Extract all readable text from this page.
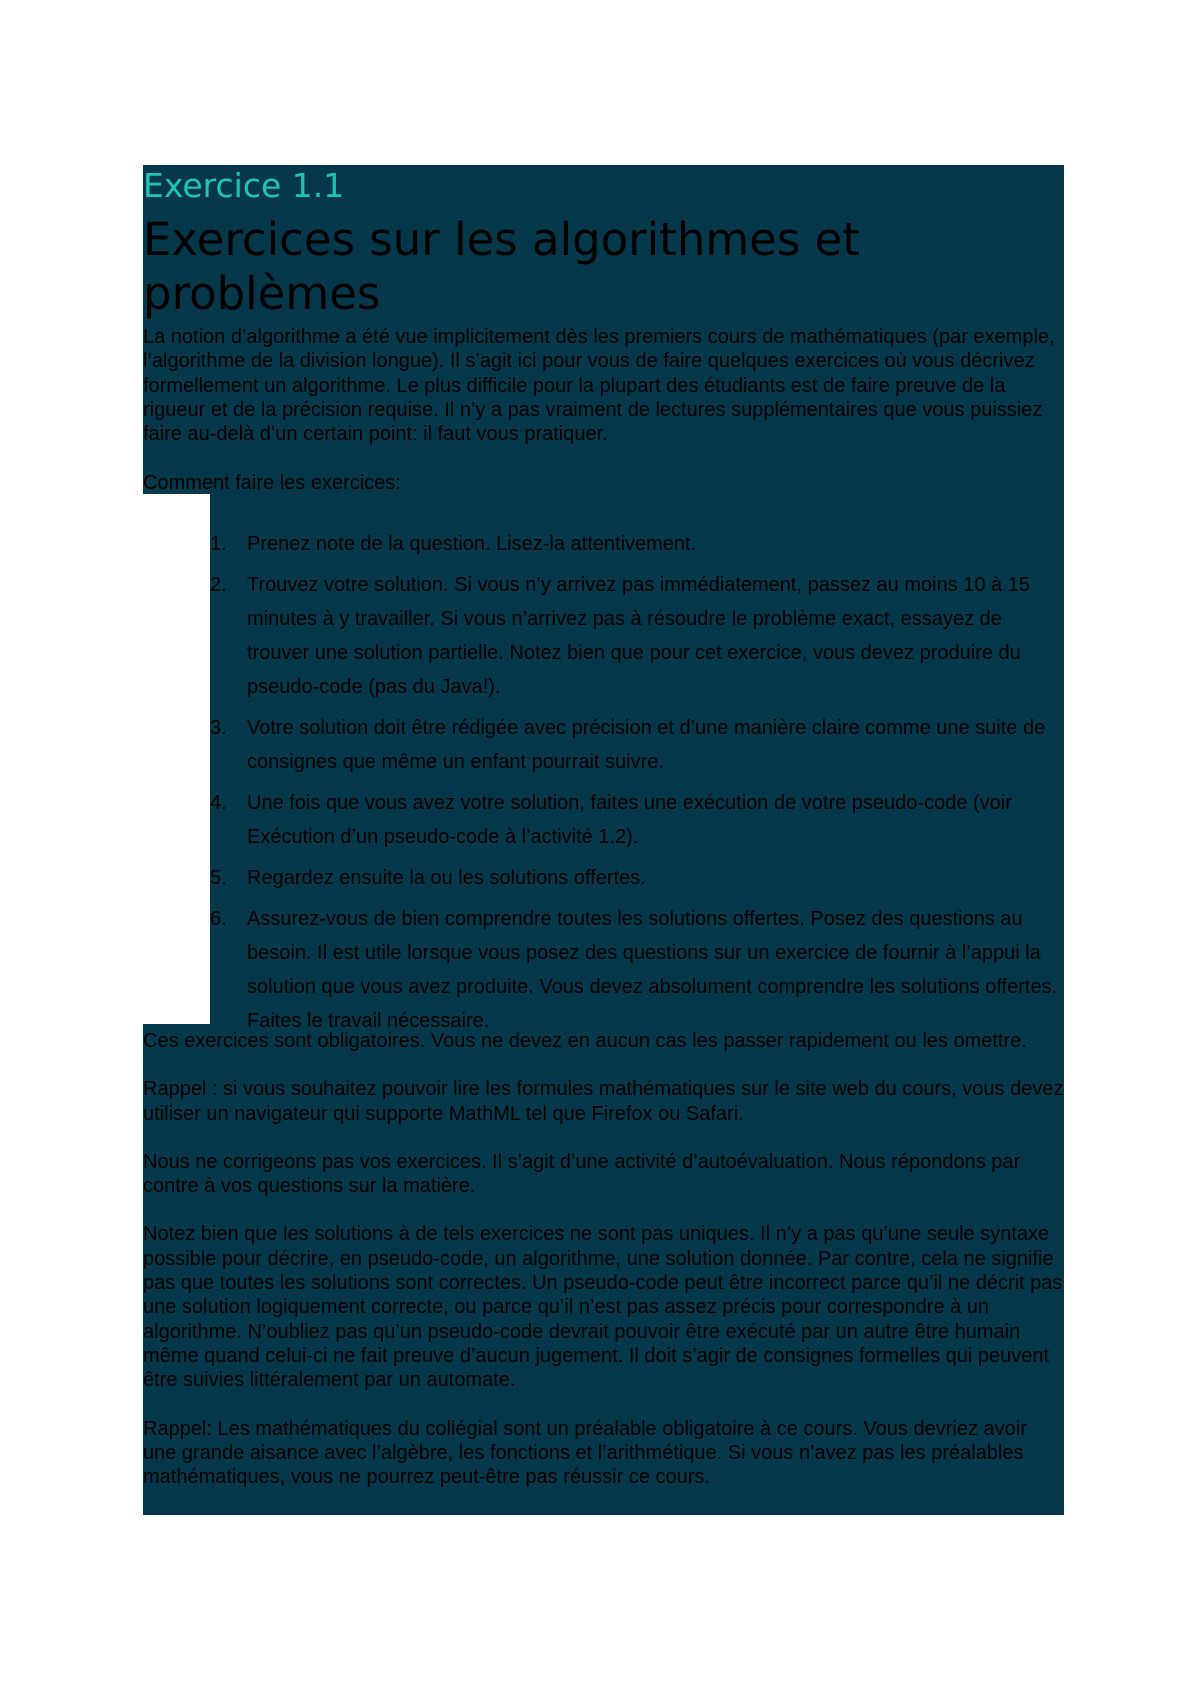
Exercice 1.1
Exercices sur les algorithmes et problèmes

La notion d’algorithme a été vue implicitement dès les premiers cours de mathématiques (par exemple, l’algorithme de la division longue). Il s’agit ici pour vous de faire quelques exercices où vous décrivez formellement un algorithme. Le plus difficile pour la plupart des étudiants est de faire preuve de la rigueur et de la précision requise. Il n’y a pas vraiment de lectures supplémentaires que vous puissiez faire au-delà d’un certain point: il faut vous pratiquer.

Comment faire les exercices:

1. Prenez note de la question. Lisez-la attentivement.
2. Trouvez votre solution. Si vous n’y arrivez pas immédiatement, passez au moins 10 à 15 minutes à y travailler. Si vous n’arrivez pas à résoudre le problème exact, essayez de trouver une solution partielle. Notez bien que pour cet exercice, vous devez produire du pseudo-code (pas du Java!).
3. Votre solution doit être rédigée avec précision et d’une manière claire comme une suite de consignes que même un enfant pourrait suivre.
4. Une fois que vous avez votre solution, faites une exécution de votre pseudo-code (voir Exécution d’un pseudo-code à l’activité 1.2).
5. Regardez ensuite la ou les solutions offertes.
6. Assurez-vous de bien comprendre toutes les solutions offertes. Posez des questions au besoin. Il est utile lorsque vous posez des questions sur un exercice de fournir à l’appui la solution que vous avez produite. Vous devez absolument comprendre les solutions offertes. Faites le travail nécessaire.

Ces exercices sont obligatoires. Vous ne devez en aucun cas les passer rapidement ou les omettre.

Rappel : si vous souhaitez pouvoir lire les formules mathématiques sur le site web du cours, vous devez utiliser un navigateur qui supporte MathML tel que Firefox ou Safari.

Nous ne corrigeons pas vos exercices. Il s’agit d’une activité d’autoévaluation. Nous répondons par contre à vos questions sur la matière.

Notez bien que les solutions à de tels exercices ne sont pas uniques. Il n’y a pas qu’une seule syntaxe possible pour décrire, en pseudo-code, un algorithme, une solution donnée. Par contre, cela ne signifie pas que toutes les solutions sont correctes. Un pseudo-code peut être incorrect parce qu’il ne décrit pas une solution logiquement correcte, ou parce qu’il n’est pas assez précis pour correspondre à un algorithme. N’oubliez pas qu’un pseudo-code devrait pouvoir être exécuté par un autre être humain même quand celui-ci ne fait preuve d’aucun jugement. Il doit s’agir de consignes formelles qui peuvent être suivies littéralement par un automate.

Rappel: Les mathématiques du collégial sont un préalable obligatoire à ce cours. Vous devriez avoir une grande aisance avec l’algèbre, les fonctions et l’arithmétique. Si vous n’avez pas les préalables mathématiques, vous ne pourrez peut-être pas réussir ce cours.
